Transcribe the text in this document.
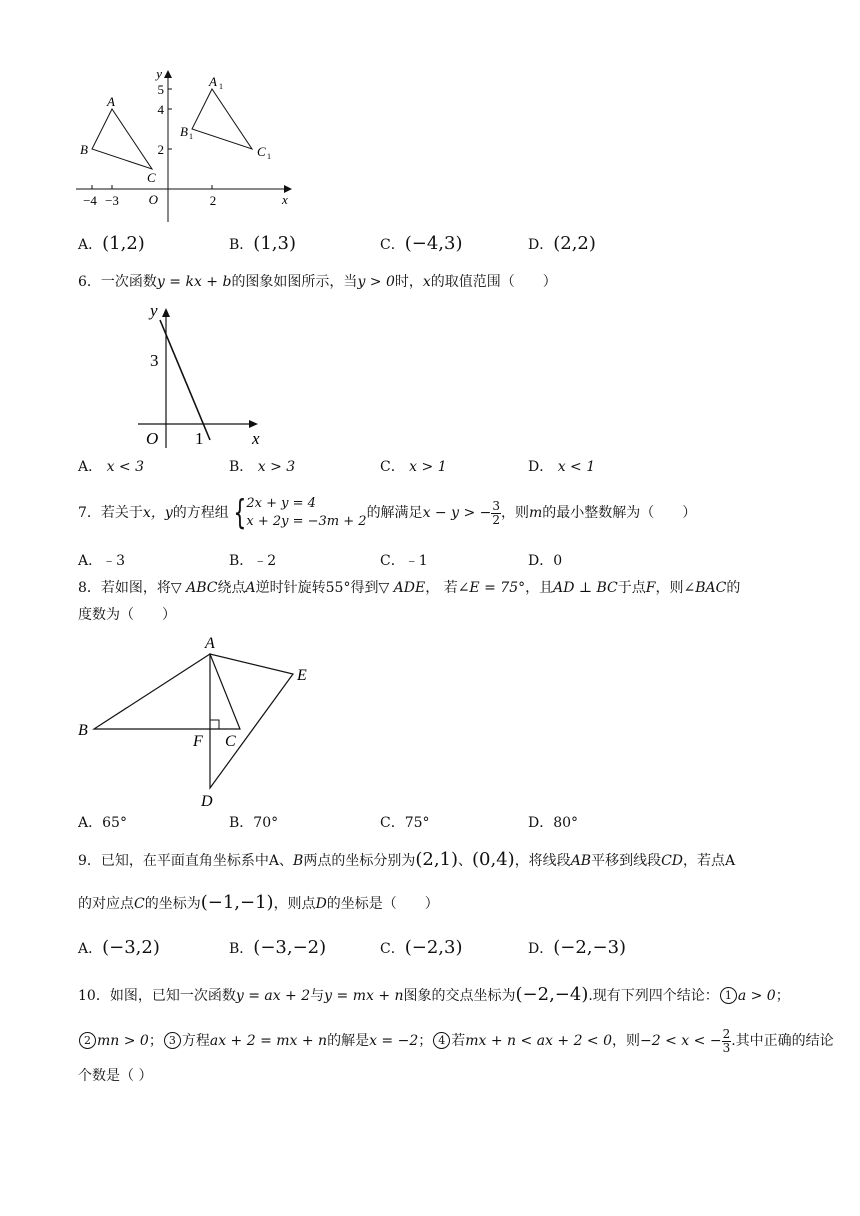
y
x
O
5
4
2
−4 −3	2
A
B
C
A 1
B 1
C 1
A．(1,2)	B．(1,3)	C．(−4,3)	D．(2,2)
6．一次函数y = kx + b的图象如图所示，当y > 0时，x的取值范围（　　）
y
x
O
3
1
A． x < 3	B． x > 3	C． x > 1	D． x < 1
7．若关于x，y的方程组 { 2x + y = 4
x + 2y = −3m + 2
的解满足x − y > − $\frac{3}{2}$ ，则m的最小整数解为（　　）
A．﹣3	B．﹣2	C．﹣1	D．0
8．若如图，将▽ ABC绕点A逆时针旋转55°得到▽ ADE， 若∠E = 75°，且AD ⊥ BC于点F，则∠BAC的
度数为（　　）
A
B
C
D
E
F
A．65°	B．70°	C．75°	D．80°
9．已知，在平面直角坐标系中A、B两点的坐标分别为(2,1)、(0,4)，将线段AB平移到线段CD，若点A
的对应点C的坐标为(−1,−1)，则点D的坐标是（　　）
A．(−3,2)	B．(−3,−2)	C．(−2,3)	D．(−2,−3)
10．如图，已知一次函数y = ax + 2与y = mx + n图象的交点坐标为(−2,−4).现有下列四个结论： 1 a > 0；
2 mn > 0； 3 方程ax + 2 = mx + n的解是x = −2； 4 若mx + n < ax + 2 < 0，则−2 < x < − $\frac{2}{3}$ .其中正确的结论
个数是（ ）
